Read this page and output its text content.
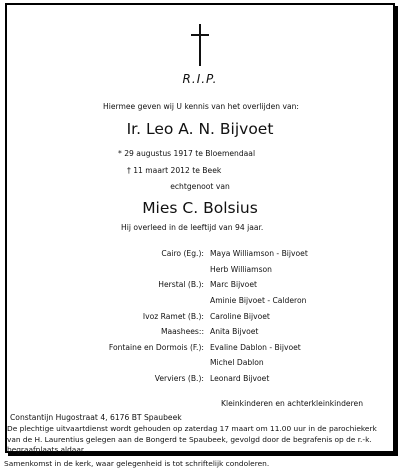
R.I.P.
Hiermee geven wij U kennis van het overlijden van:
Ir. Leo A. N. Bijvoet
* 29 augustus 1917 te Bloemendaal
† 11 maart 2012 te Beek
echtgenoot van
Mies C. Bolsius
Hij overleed in de leeftijd van 94 jaar.
Cairo (Eg.): Maya Williamson - Bijvoet
Herb Williamson
Herstal (B.): Marc Bijvoet
Aminie Bijvoet - Calderon
Ivoz Ramet (B.): Caroline Bijvoet
Maashees:: Anita Bijvoet
Fontaine en Dormois (F.): Evaline Dablon - Bijvoet
Michel Dablon
Verviers (B.): Leonard Bijvoet
Kleinkinderen en achterkleinkinderen
Constantijn Hugostraat 4, 6176 BT Spaubeek
De plechtige uitvaartdienst wordt gehouden op zaterdag 17 maart om 11.00 uur in de parochiekerk van de H. Laurentius gelegen aan de Bongerd te Spaubeek, gevolgd door de begrafenis op de r.-k. begraafplaats aldaar.
Samenkomst in de kerk, waar gelegenheid is tot schriftelijk condoleren.
